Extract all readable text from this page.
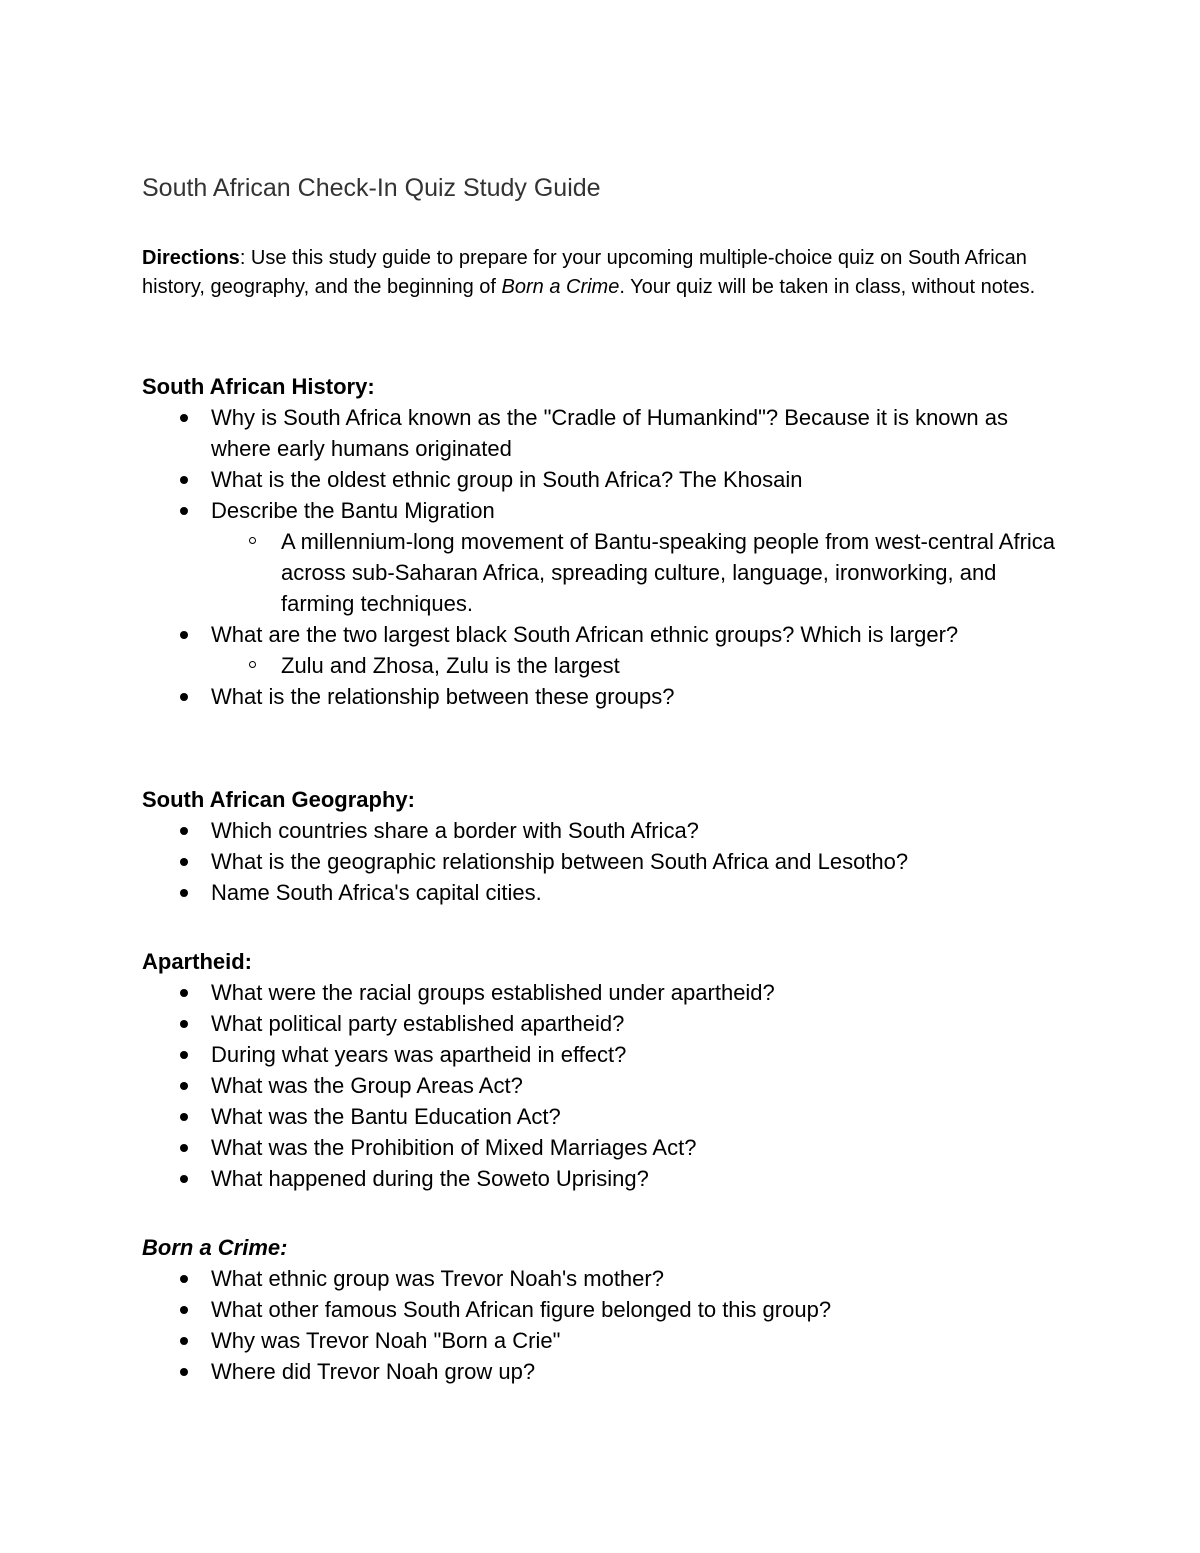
South African Check-In Quiz Study Guide

Directions: Use this study guide to prepare for your upcoming multiple-choice quiz on South African history, geography, and the beginning of Born a Crime. Your quiz will be taken in class, without notes.

South African History:
Why is South Africa known as the "Cradle of Humankind"? Because it is known as where early humans originated
What is the oldest ethnic group in South Africa? The Khosain
Describe the Bantu Migration
A millennium-long movement of Bantu-speaking people from west-central Africa across sub-Saharan Africa, spreading culture, language, ironworking, and farming techniques.
What are the two largest black South African ethnic groups? Which is larger?
Zulu and Zhosa, Zulu is the largest
What is the relationship between these groups?
South African Geography:
Which countries share a border with South Africa?
What is the geographic relationship between South Africa and Lesotho?
Name South Africa's capital cities.
Apartheid:
What were the racial groups established under apartheid?
What political party established apartheid?
During what years was apartheid in effect?
What was the Group Areas Act?
What was the Bantu Education Act?
What was the Prohibition of Mixed Marriages Act?
What happened during the Soweto Uprising?
Born a Crime:
What ethnic group was Trevor Noah's mother?
What other famous South African figure belonged to this group?
Why was Trevor Noah "Born a Crie"
Where did Trevor Noah grow up?
